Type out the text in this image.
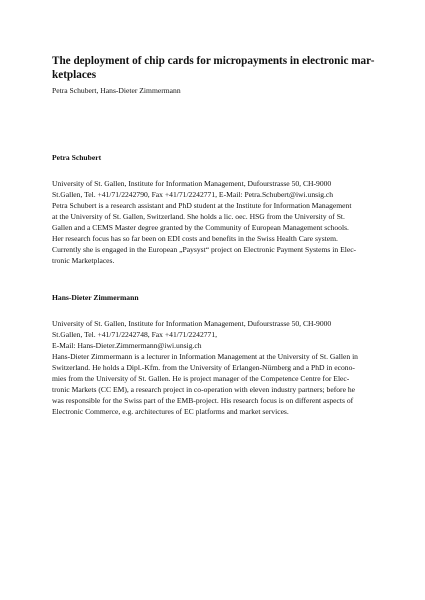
The deployment of chip cards for micropayments in electronic mar-
ketplaces

Petra Schubert, Hans-Dieter Zimmermann

Petra Schubert

University of St. Gallen, Institute for Information Management, Dufourstrasse 50, CH-9000
St.Gallen, Tel. +41/71/2242790, Fax +41/71/2242771, E-Mail: Petra.Schubert@iwi.unsig.ch
Petra Schubert is a research assistant and PhD student at the Institute for Information Management
at the University of St. Gallen, Switzerland. She holds a lic. oec. HSG from the University of St.
Gallen and a CEMS Master degree granted by the Community of European Management schools.
Her research focus has so far been on EDI costs and benefits in the Swiss Health Care system.
Currently she is engaged in the European „Paysyst“ project on Electronic Payment Systems in Elec-
tronic Marketplaces.

Hans-Dieter Zimmermann

University of St. Gallen, Institute for Information Management, Dufourstrasse 50, CH-9000
St.Gallen, Tel. +41/71/2242748, Fax +41/71/2242771,
E-Mail: Hans-Dieter.Zimmermann@iwi.unsig.ch
Hans-Dieter Zimmermann is a lecturer in Information Management at the University of St. Gallen in
Switzerland. He holds a Dipl.-Kfm. from the University of Erlangen-Nürnberg and a PhD in econo-
mies from the University of St. Gallen. He is project manager of the Competence Centre for Elec-
tronic Markets (CC EM), a research project in co-operation with eleven industry partners; before he
was responsible for the Swiss part of the EMB-project. His research focus is on different aspects of
Electronic Commerce, e.g. architectures of EC platforms and market services.
